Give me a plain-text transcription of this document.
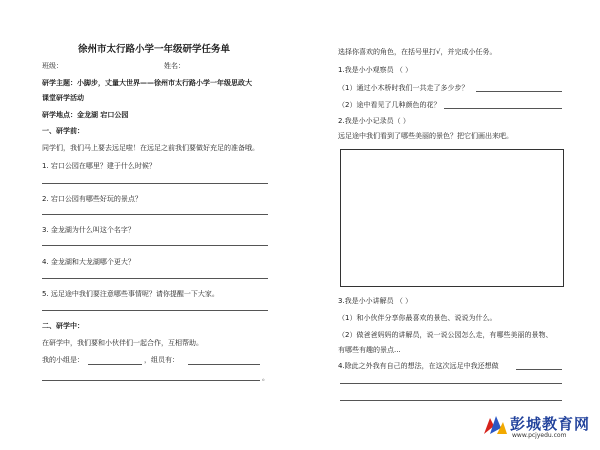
徐州市太行路小学一年级研学任务单
班级：	姓名：
研学主题：小脚步，丈量大世界——徐州市太行路小学一年级思政大
课堂研学活动
研学地点：金龙湖 宕口公园
一、研学前：
同学们，我们马上要去远足啦！在远足之前我们要做好充足的准备哦。
1. 宕口公园在哪里？建于什么时候？
2. 宕口公园有哪些好玩的景点？
3. 金龙湖为什么叫这个名字？
4. 金龙湖和大龙湖哪个更大？
5. 远足途中我们要注意哪些事情呢？请你提醒一下大家。
二、研学中：
在研学中，我们要和小伙伴们一起合作，互相帮助。
我的小组是：	，组员有：
。
选择你喜欢的角色，在括号里打√，并完成小任务。
1.我是小小观察员 （ ）
（1）通过小木桥时我们一共走了多少步？
（2）途中看见了几种颜色的花？
2.我是小小记录员（ ）
远足途中我们看到了哪些美丽的景色？把它们画出来吧。
3.我是小小讲解员 （ ）
（1）和小伙伴分享你最喜欢的景色、说说为什么。
（2）做爸爸妈妈的讲解员，说一说公园怎么走，有哪些美丽的景物、
有哪些有趣的景点...
4.除此之外我有自己的想法，在这次远足中我还想做
彭城教育网
www.pcjyedu.com
